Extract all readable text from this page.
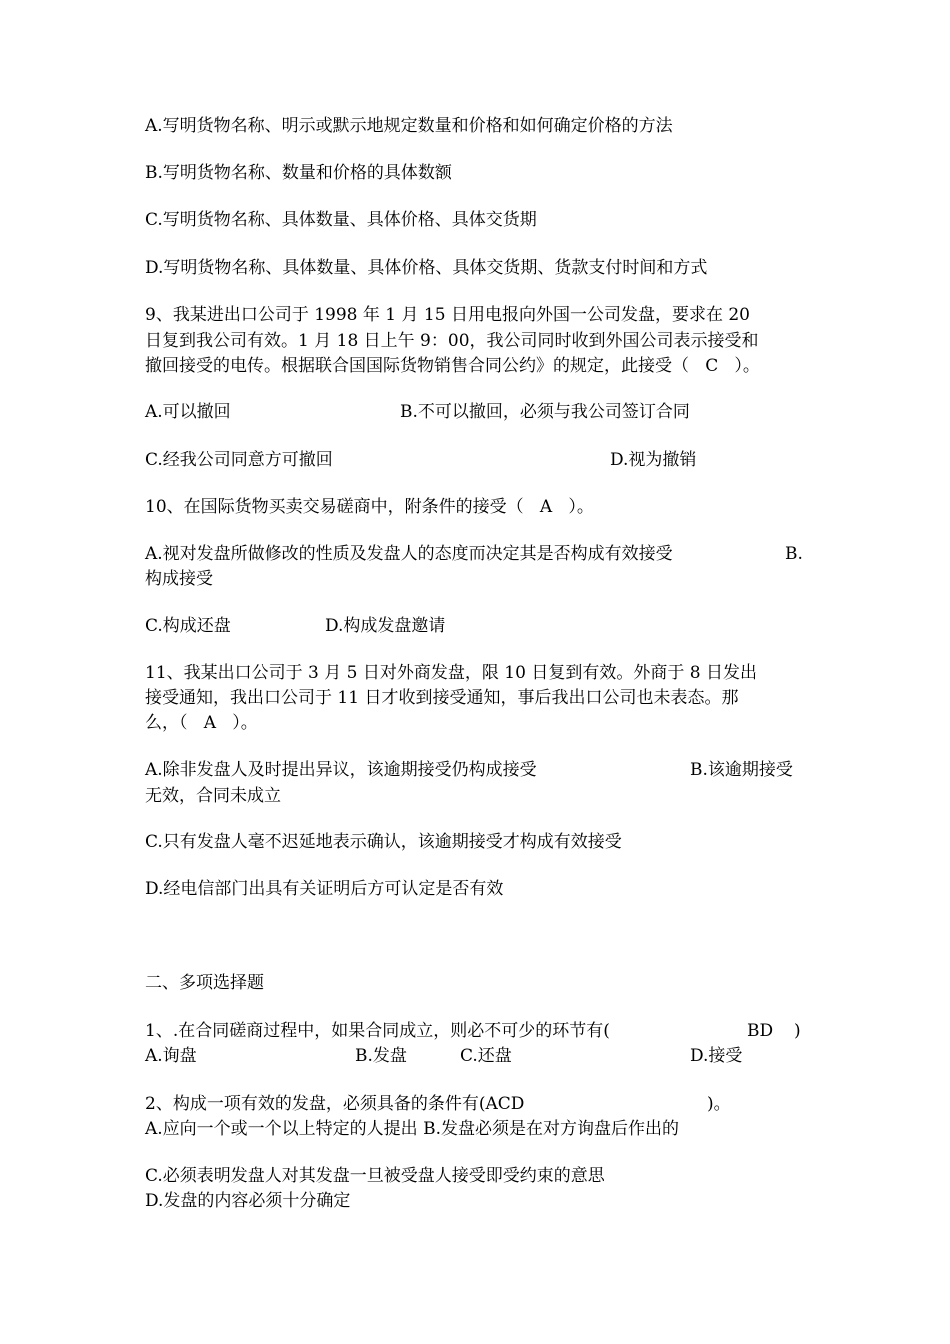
A.写明货物名称、明示或默示地规定数量和价格和如何确定价格的方法
B.写明货物名称、数量和价格的具体数额
C.写明货物名称、具体数量、具体价格、具体交货期
D.写明货物名称、具体数量、具体价格、具体交货期、货款支付时间和方式
9、我某进出口公司于 1998 年 1 月 15 日用电报向外国一公司发盘，要求在 20
日复到我公司有效。1 月 18 日上午 9：00，我公司同时收到外国公司表示接受和
撤回接受的电传。根据联合国国际货物销售合同公约》的规定，此接受（   C   ）。
A.可以撤回	B.不可以撤回，必须与我公司签订合同
C.经我公司同意方可撤回	D.视为撤销
10、在国际货物买卖交易磋商中，附条件的接受（   A   ）。
A.视对发盘所做修改的性质及发盘人的态度而决定其是否构成有效接受	B.
构成接受
C.构成还盘	D.构成发盘邀请
11、我某出口公司于 3 月 5 日对外商发盘，限 10 日复到有效。外商于 8 日发出
接受通知，我出口公司于 11 日才收到接受通知，事后我出口公司也未表态。那
么，（   A   ）。
A.除非发盘人及时提出异议，该逾期接受仍构成接受	B.该逾期接受
无效，合同未成立
C.只有发盘人毫不迟延地表示确认，该逾期接受才构成有效接受
D.经电信部门出具有关证明后方可认定是否有效
二、多项选择题
1、.在合同磋商过程中，如果合同成立，则必不可少的环节有(	BD )
A.询盘	B.发盘	C.还盘	D.接受
2、构成一项有效的发盘，必须具备的条件有(ACD	)。
A.应向一个或一个以上特定的人提出 B.发盘必须是在对方询盘后作出的
C.必须表明发盘人对其发盘一旦被受盘人接受即受约束的意思
D.发盘的内容必须十分确定
